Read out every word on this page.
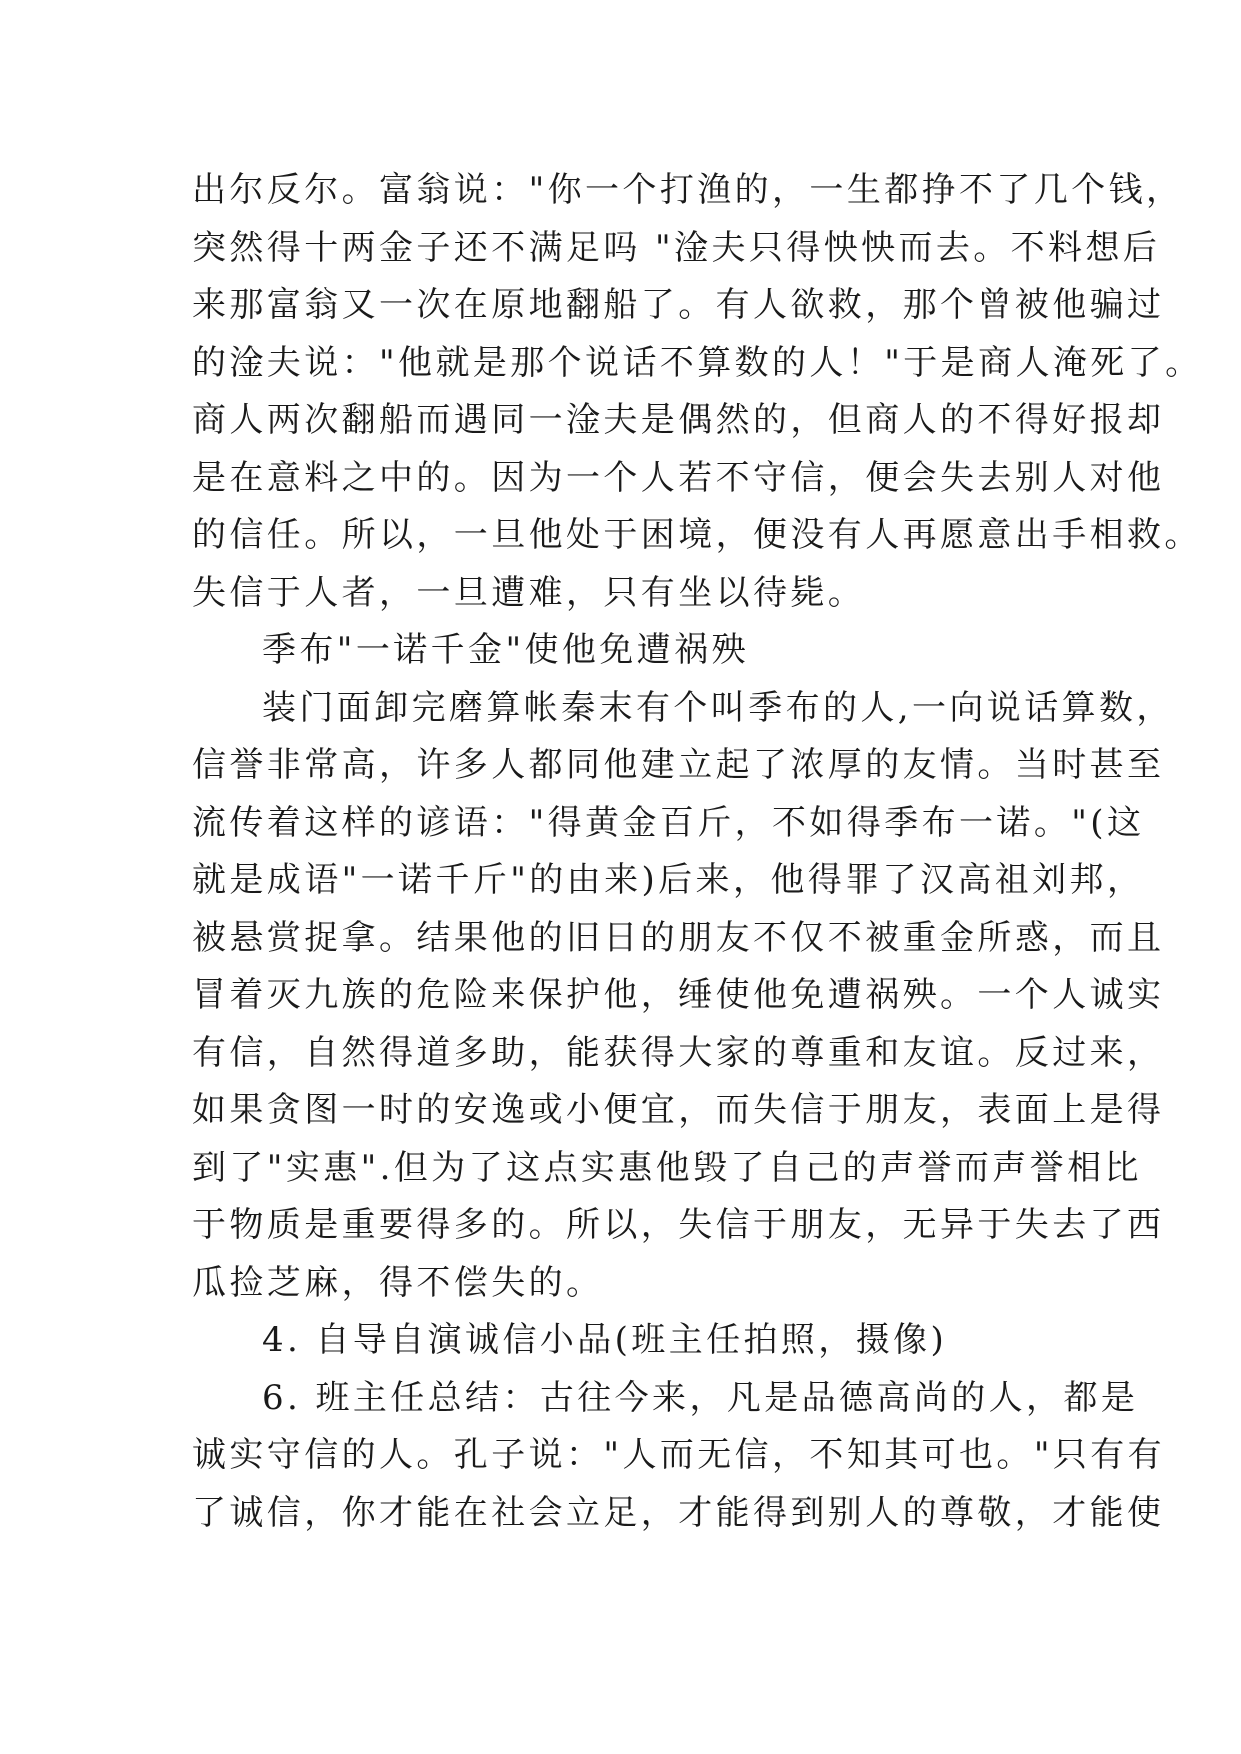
出尔反尔。富翁说："你一个打渔的，一生都挣不了几个钱，
突然得十两金子还不满足吗 "淦夫只得怏怏而去。不料想后
来那富翁又一次在原地翻船了。有人欲救，那个曾被他骗过
的淦夫说："他就是那个说话不算数的人！"于是商人淹死了。
商人两次翻船而遇同一淦夫是偶然的，但商人的不得好报却
是在意料之中的。因为一个人若不守信，便会失去别人对他
的信任。所以，一旦他处于困境，便没有人再愿意出手相救。
失信于人者，一旦遭难，只有坐以待毙。
季布"一诺千金"使他免遭祸殃
装门面卸完磨算帐秦末有个叫季布的人,一向说话算数，
信誉非常高，许多人都同他建立起了浓厚的友情。当时甚至
流传着这样的谚语："得黄金百斤，不如得季布一诺。"(这
就是成语"一诺千斤"的由来)后来，他得罪了汉高祖刘邦，
被悬赏捉拿。结果他的旧日的朋友不仅不被重金所惑，而且
冒着灭九族的危险来保护他，缍使他免遭祸殃。一个人诚实
有信，自然得道多助，能获得大家的尊重和友谊。反过来，
如果贪图一时的安逸或小便宜，而失信于朋友，表面上是得
到了"实惠".但为了这点实惠他毁了自己的声誉而声誉相比
于物质是重要得多的。所以，失信于朋友，无异于失去了西
瓜捡芝麻，得不偿失的。
4. 自导自演诚信小品(班主任拍照，摄像)
6. 班主任总结：古往今来，凡是品德高尚的人，都是
诚实守信的人。孔子说："人而无信，不知其可也。"只有有
了诚信，你才能在社会立足，才能得到别人的尊敬，才能使
